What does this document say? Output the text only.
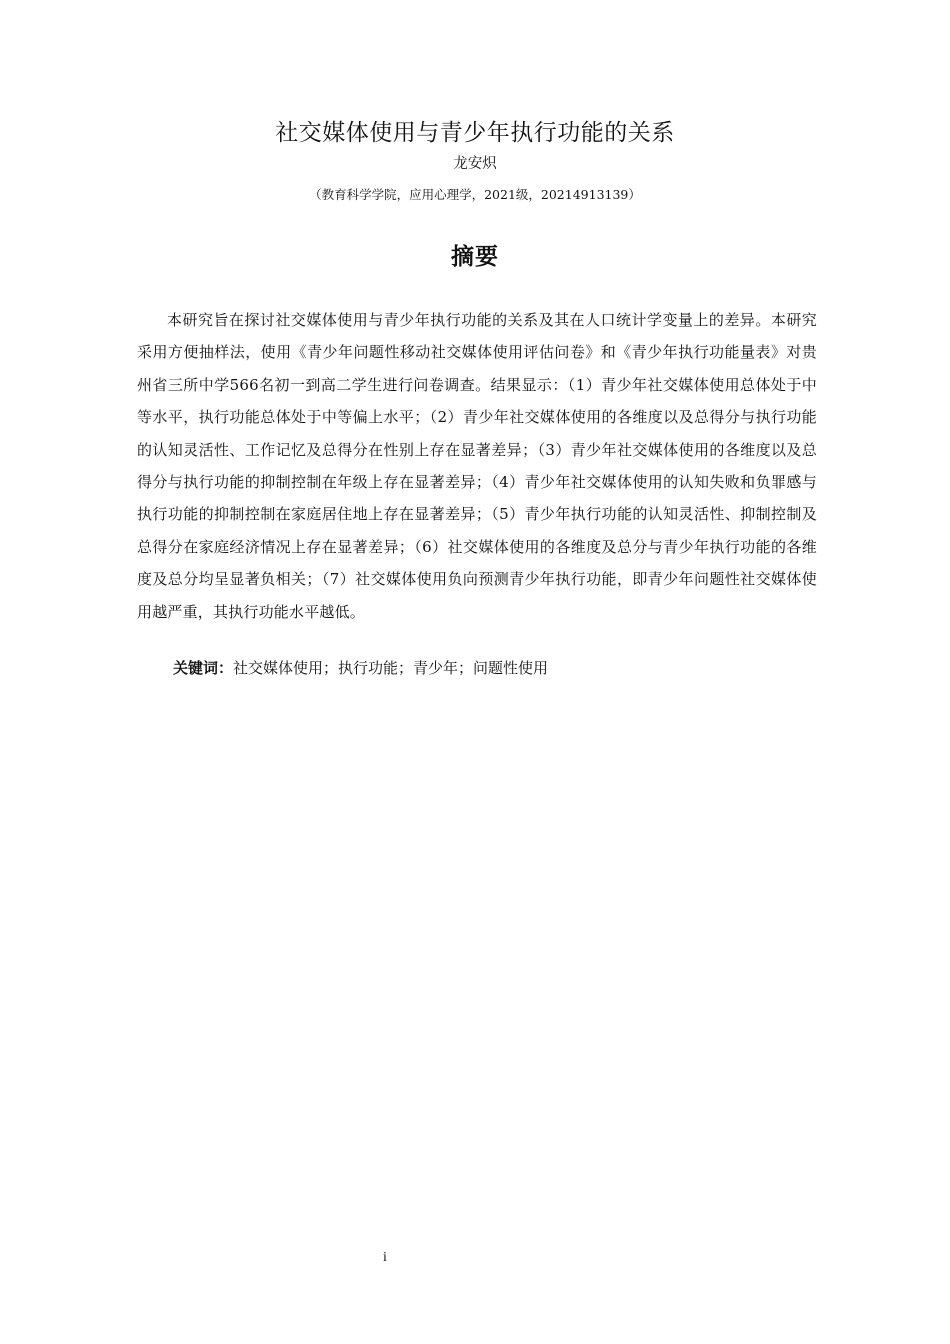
社交媒体使用与青少年执行功能的关系
龙安炽
（教育科学学院，应用心理学，2021级，20214913139）
摘要

本研究旨在探讨社交媒体使用与青少年执行功能的关系及其在人口统计学变量上的差异。本研究采用方便抽样法，使用《青少年问题性移动社交媒体使用评估问卷》和《青少年执行功能量表》对贵州省三所中学566名初一到高二学生进行问卷调查。结果显示：（1）青少年社交媒体使用总体处于中等水平，执行功能总体处于中等偏上水平；（2）青少年社交媒体使用的各维度以及总得分与执行功能的认知灵活性、工作记忆及总得分在性别上存在显著差异；（3）青少年社交媒体使用的各维度以及总得分与执行功能的抑制控制在年级上存在显著差异；（4）青少年社交媒体使用的认知失败和负罪感与执行功能的抑制控制在家庭居住地上存在显著差异；（5）青少年执行功能的认知灵活性、抑制控制及总得分在家庭经济情况上存在显著差异；（6）社交媒体使用的各维度及总分与青少年执行功能的各维度及总分均呈显著负相关；（7）社交媒体使用负向预测青少年执行功能，即青少年问题性社交媒体使用越严重，其执行功能水平越低。

关键词：社交媒体使用；执行功能；青少年；问题性使用
i
